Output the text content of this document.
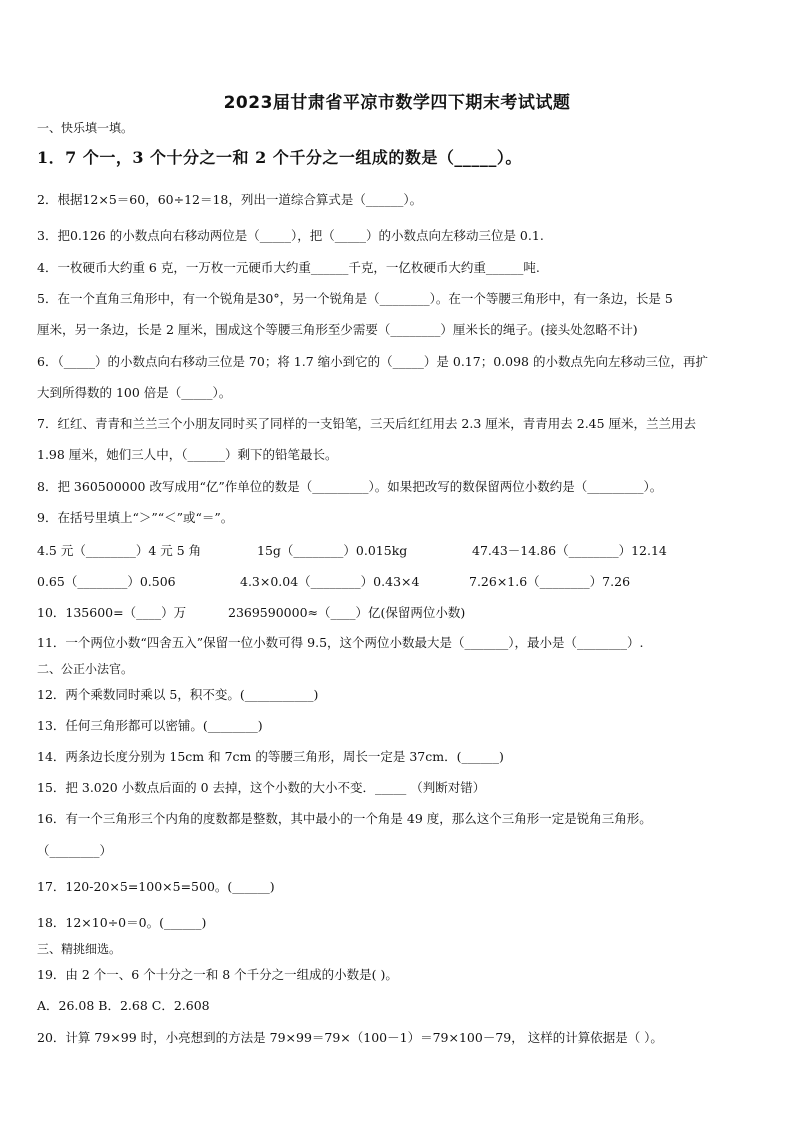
2023届甘肃省平凉市数学四下期末考试试题
一、快乐填一填。
1．7 个一，3 个十分之一和 2 个千分之一组成的数是（_____）。
2．根据12×5＝60，60÷12＝18，列出一道综合算式是（______）。
3．把0.126 的小数点向右移动两位是（_____），把（_____）的小数点向左移动三位是 0.1.
4．一枚硬币大约重 6 克，一万枚一元硬币大约重______千克，一亿枚硬币大约重______吨.
5．在一个直角三角形中，有一个锐角是30°，另一个锐角是（________）。在一个等腰三角形中，有一条边，长是 5
厘米，另一条边，长是 2 厘米，围成这个等腰三角形至少需要（________）厘米长的绳子。(接头处忽略不计)
6．（_____）的小数点向右移动三位是 70；将 1.7 缩小到它的（_____）是 0.17；0.098 的小数点先向左移动三位，再扩
大到所得数的 100 倍是（_____）。
7．红红、青青和兰兰三个小朋友同时买了同样的一支铅笔，三天后红红用去 2.3 厘米，青青用去 2.45 厘米，兰兰用去
1.98 厘米，她们三人中，（______）剩下的铅笔最长。
8．把 360500000 改写成用“亿”作单位的数是（_________）。如果把改写的数保留两位小数约是（_________）。
9．在括号里填上“＞”“＜”或“＝”。
4.5 元（________）4 元 5 角	15g（________）0.015kg	47.43－14.86（________）12.14
0.65（________）0.506	4.3×0.04（________）0.43×4	7.26×1.6（________）7.26
10．135600=（____）万	2369590000≈（____）亿(保留两位小数)
11．一个两位小数“四舍五入”保留一位小数可得 9.5，这个两位小数最大是（_______），最小是（________）.
二、公正小法官。
12．两个乘数同时乘以 5，积不变。(___________)
13．任何三角形都可以密铺。(________)
14．两条边长度分别为 15cm 和 7cm 的等腰三角形，周长一定是 37cm．(______)
15．把 3.020 小数点后面的 0 去掉，这个小数的大小不变．_____ （判断对错）
16．有一个三角形三个内角的度数都是整数，其中最小的一个角是 49 度，那么这个三角形一定是锐角三角形。
（________）
17．120-20×5=100×5=500。(______)
18．12×10÷0＝0。(______)
三、精挑细选。
19．由 2 个一、6 个十分之一和 8 个千分之一组成的小数是( )。
A．26.08 B．2.68 C．2.608
20．计算 79×99 时，小亮想到的方法是 79×99＝79×（100－1）＝79×100－79， 这样的计算依据是（ ）。
